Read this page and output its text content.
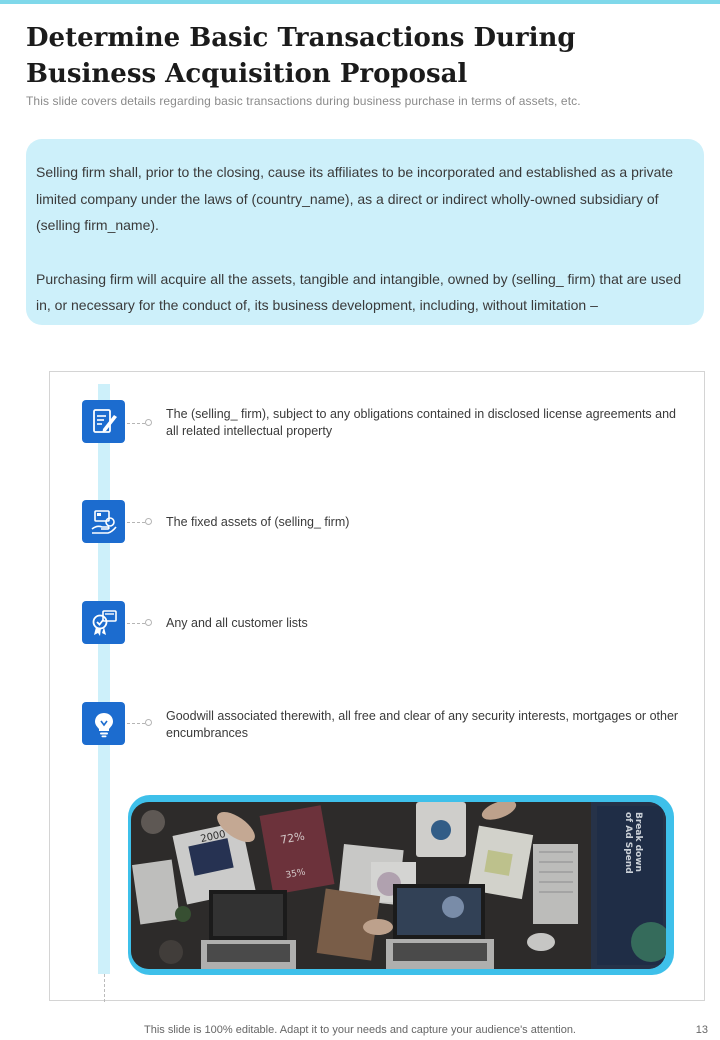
Determine Basic Transactions During Business Acquisition Proposal
This slide covers details regarding basic transactions during business purchase in terms of assets, etc.

Selling firm shall, prior to the closing, cause its affiliates to be incorporated and established as a private limited company under the laws of (country_name), as a direct or indirect wholly-owned subsidiary of (selling firm_name).

Purchasing firm will acquire all the assets, tangible and intangible, owned by (selling_ firm) that are used in, or necessary for the conduct of, its business development, including, without limitation –

The (selling_ firm), subject to any obligations contained in disclosed license agreements and all related intellectual property
The fixed assets of (selling_ firm)
Any and all customer lists
Goodwill associated therewith, all free and clear of any security interests, mortgages or other encumbrances
2000	72%
35%
Break down
of Ad Spend
This slide is 100% editable. Adapt it to your needs and capture your audience's attention.	13
